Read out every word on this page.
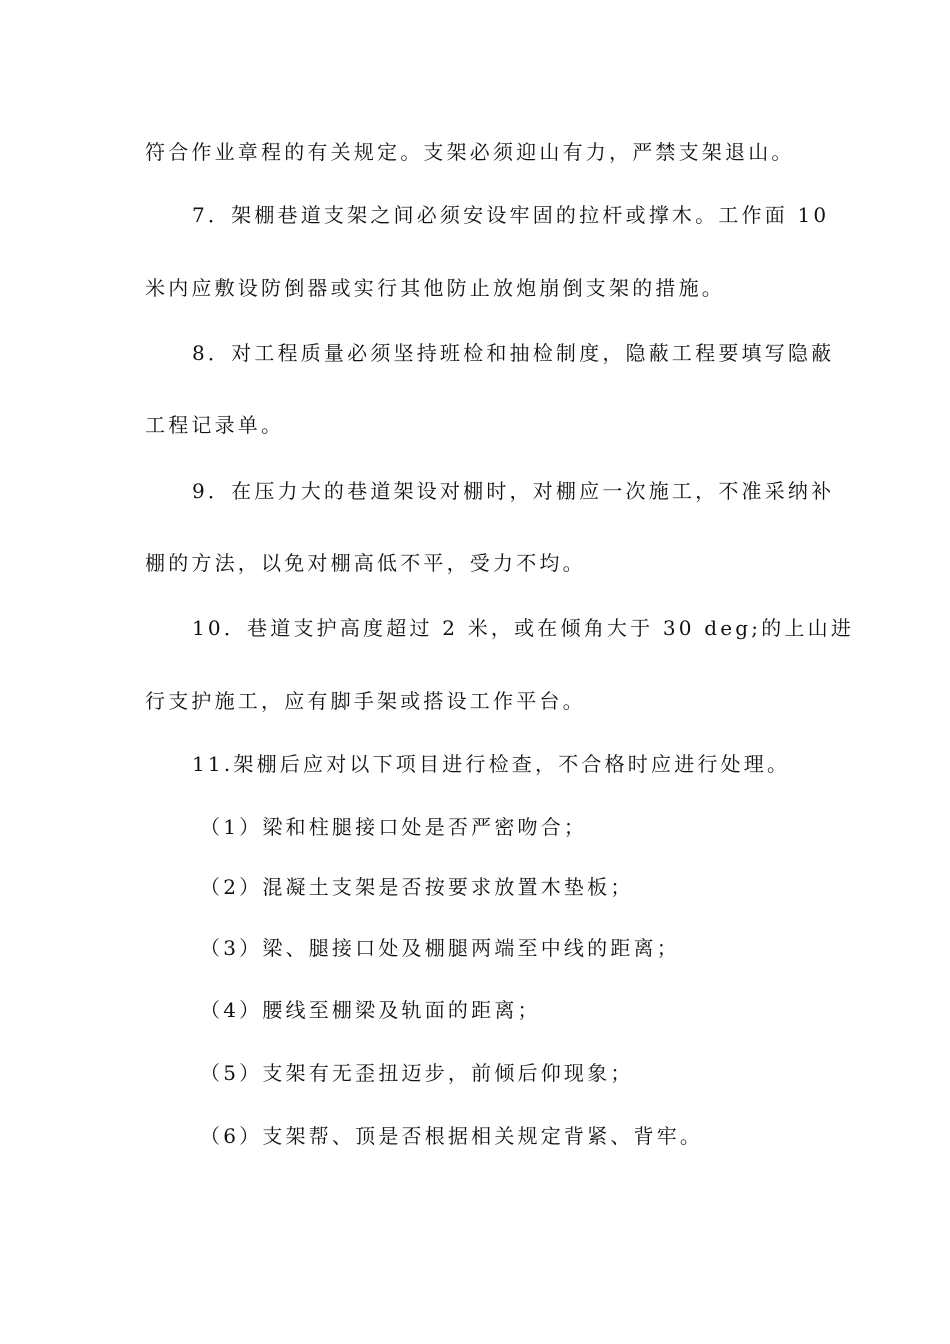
符合作业章程的有关规定。支架必须迎山有力，严禁支架退山。
7．架棚巷道支架之间必须安设牢固的拉杆或撑木。工作面 10
米内应敷设防倒器或实行其他防止放炮崩倒支架的措施。
8．对工程质量必须坚持班检和抽检制度，隐蔽工程要填写隐蔽
工程记录单。
9．在压力大的巷道架设对棚时，对棚应一次施工，不准采纳补
棚的方法，以免对棚高低不平，受力不均。
10．巷道支护高度超过 2 米，或在倾角大于 30 deg;的上山进
行支护施工，应有脚手架或搭设工作平台。
11.架棚后应对以下项目进行检查，不合格时应进行处理。
（1）梁和柱腿接口处是否严密吻合；
（2）混凝土支架是否按要求放置木垫板；
（3）梁、腿接口处及棚腿两端至中线的距离；
（4）腰线至棚梁及轨面的距离；
（5）支架有无歪扭迈步，前倾后仰现象；
（6）支架帮、顶是否根据相关规定背紧、背牢。
